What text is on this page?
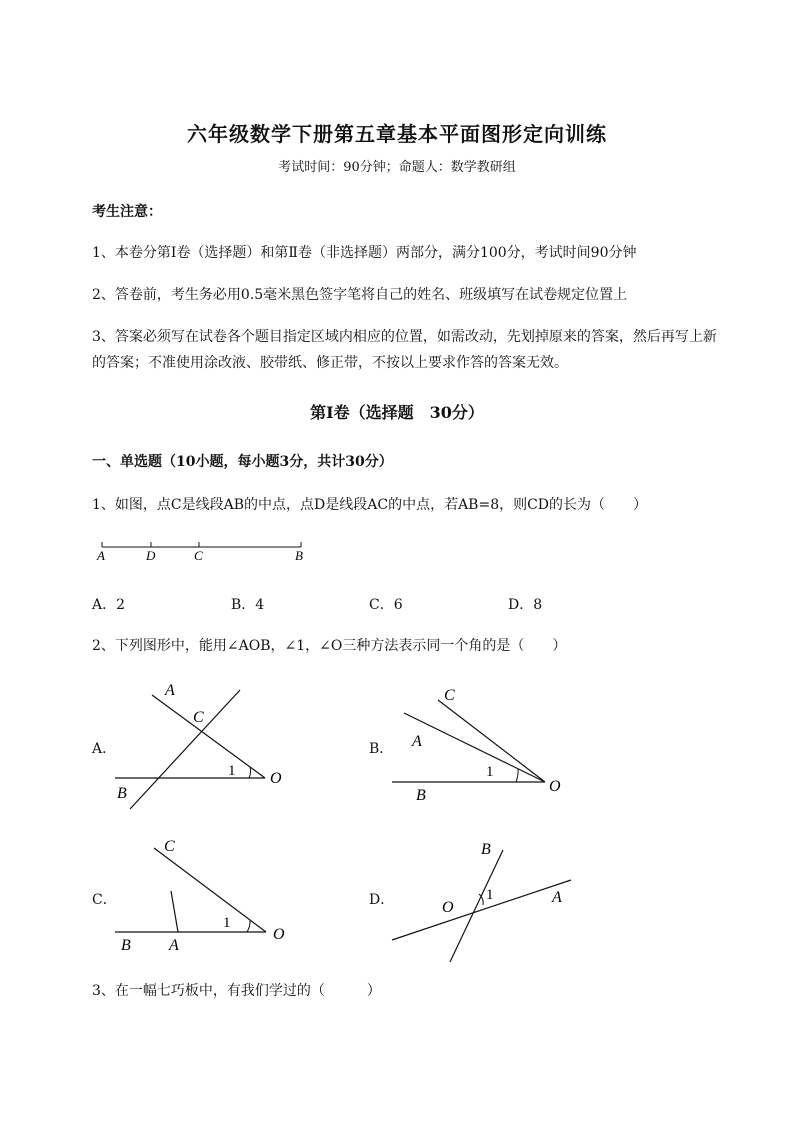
六年级数学下册第五章基本平面图形定向训练
考试时间：90分钟；命题人：数学教研组
考生注意：
1、本卷分第I卷（选择题）和第Ⅱ卷（非选择题）两部分，满分100分，考试时间90分钟
2、答卷前，考生务必用0.5毫米黑色签字笔将自己的姓名、班级填写在试卷规定位置上
3、答案必须写在试卷各个题目指定区域内相应的位置，如需改动，先划掉原来的答案，然后再写上新
的答案；不准使用涂改液、胶带纸、修正带，不按以上要求作答的答案无效。
第I卷（选择题　30分）
一、单选题（10小题，每小题3分，共计30分）
1、如图，点C是线段AB的中点，点D是线段AC的中点，若AB=8，则CD的长为（　　）
A	D	C	B
A．2	B．4	C．6	D．8
2、下列图形中，能用∠AOB，∠1，∠O三种方法表示同一个角的是（　　）
A．	B．
C．	D．
A
C
B
O
1
C
A
B
O
1
C
B A
O
1
B
O
A
1
3、在一幅七巧板中，有我们学过的（　　　）
